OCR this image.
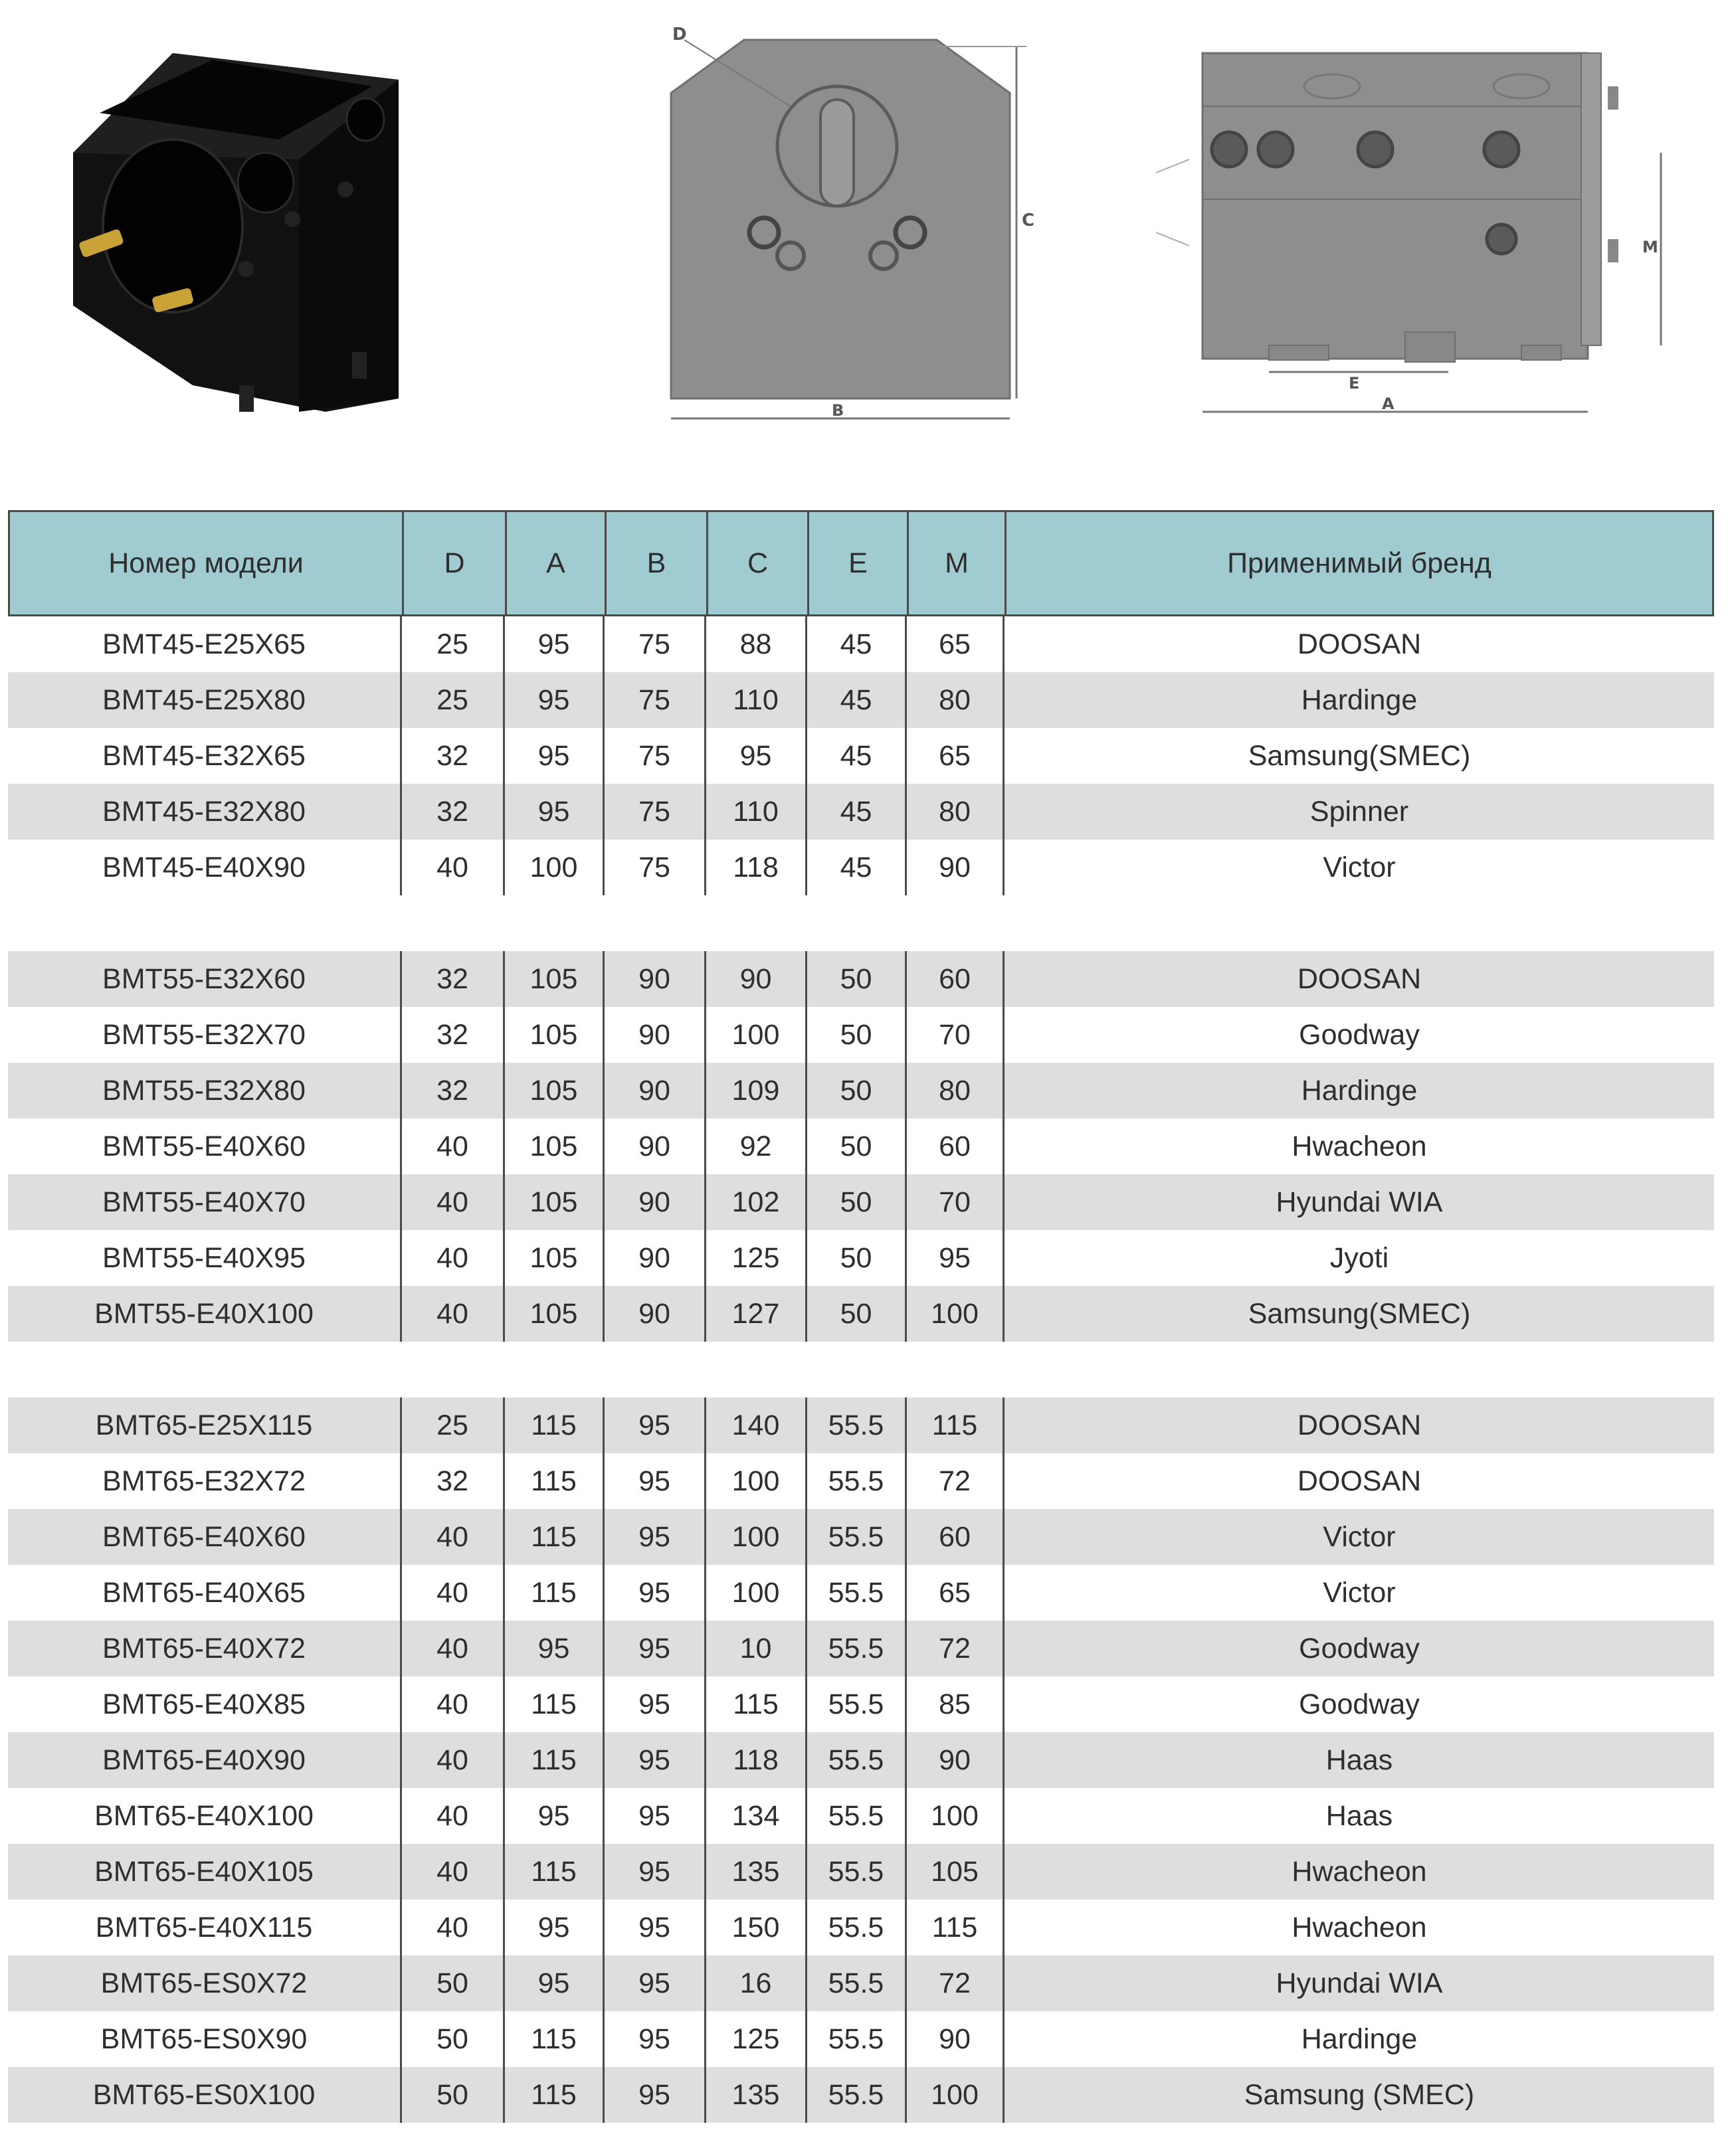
D
C
B
M
E
A
Номер модели	D	A	B	C	E	M	Применимый бренд
BMT45-E25X65	25	95	75	88	45	65	DOOSAN
BMT45-E25X80	25	95	75	110	45	80	Hardinge
BMT45-E32X65	32	95	75	95	45	65	Samsung(SMEC)
BMT45-E32X80	32	95	75	110	45	80	Spinner
BMT45-E40X90	40	100	75	118	45	90	Victor
BMT55-E32X60	32	105	90	90	50	60	DOOSAN
BMT55-E32X70	32	105	90	100	50	70	Goodway
BMT55-E32X80	32	105	90	109	50	80	Hardinge
BMT55-E40X60	40	105	90	92	50	60	Hwacheon
BMT55-E40X70	40	105	90	102	50	70	Hyundai WIA
BMT55-E40X95	40	105	90	125	50	95	Jyoti
BMT55-E40X100	40	105	90	127	50	100	Samsung(SMEC)
BMT65-E25X115	25	115	95	140	55.5	115	DOOSAN
BMT65-E32X72	32	115	95	100	55.5	72	DOOSAN
BMT65-E40X60	40	115	95	100	55.5	60	Victor
BMT65-E40X65	40	115	95	100	55.5	65	Victor
BMT65-E40X72	40	95	95	10	55.5	72	Goodway
BMT65-E40X85	40	115	95	115	55.5	85	Goodway
BMT65-E40X90	40	115	95	118	55.5	90	Haas
BMT65-E40X100	40	95	95	134	55.5	100	Haas
BMT65-E40X105	40	115	95	135	55.5	105	Hwacheon
BMT65-E40X115	40	95	95	150	55.5	115	Hwacheon
BMT65-ES0X72	50	95	95	16	55.5	72	Hyundai WIA
BMT65-ES0X90	50	115	95	125	55.5	90	Hardinge
BMT65-ES0X100	50	115	95	135	55.5	100	Samsung (SMEC)
